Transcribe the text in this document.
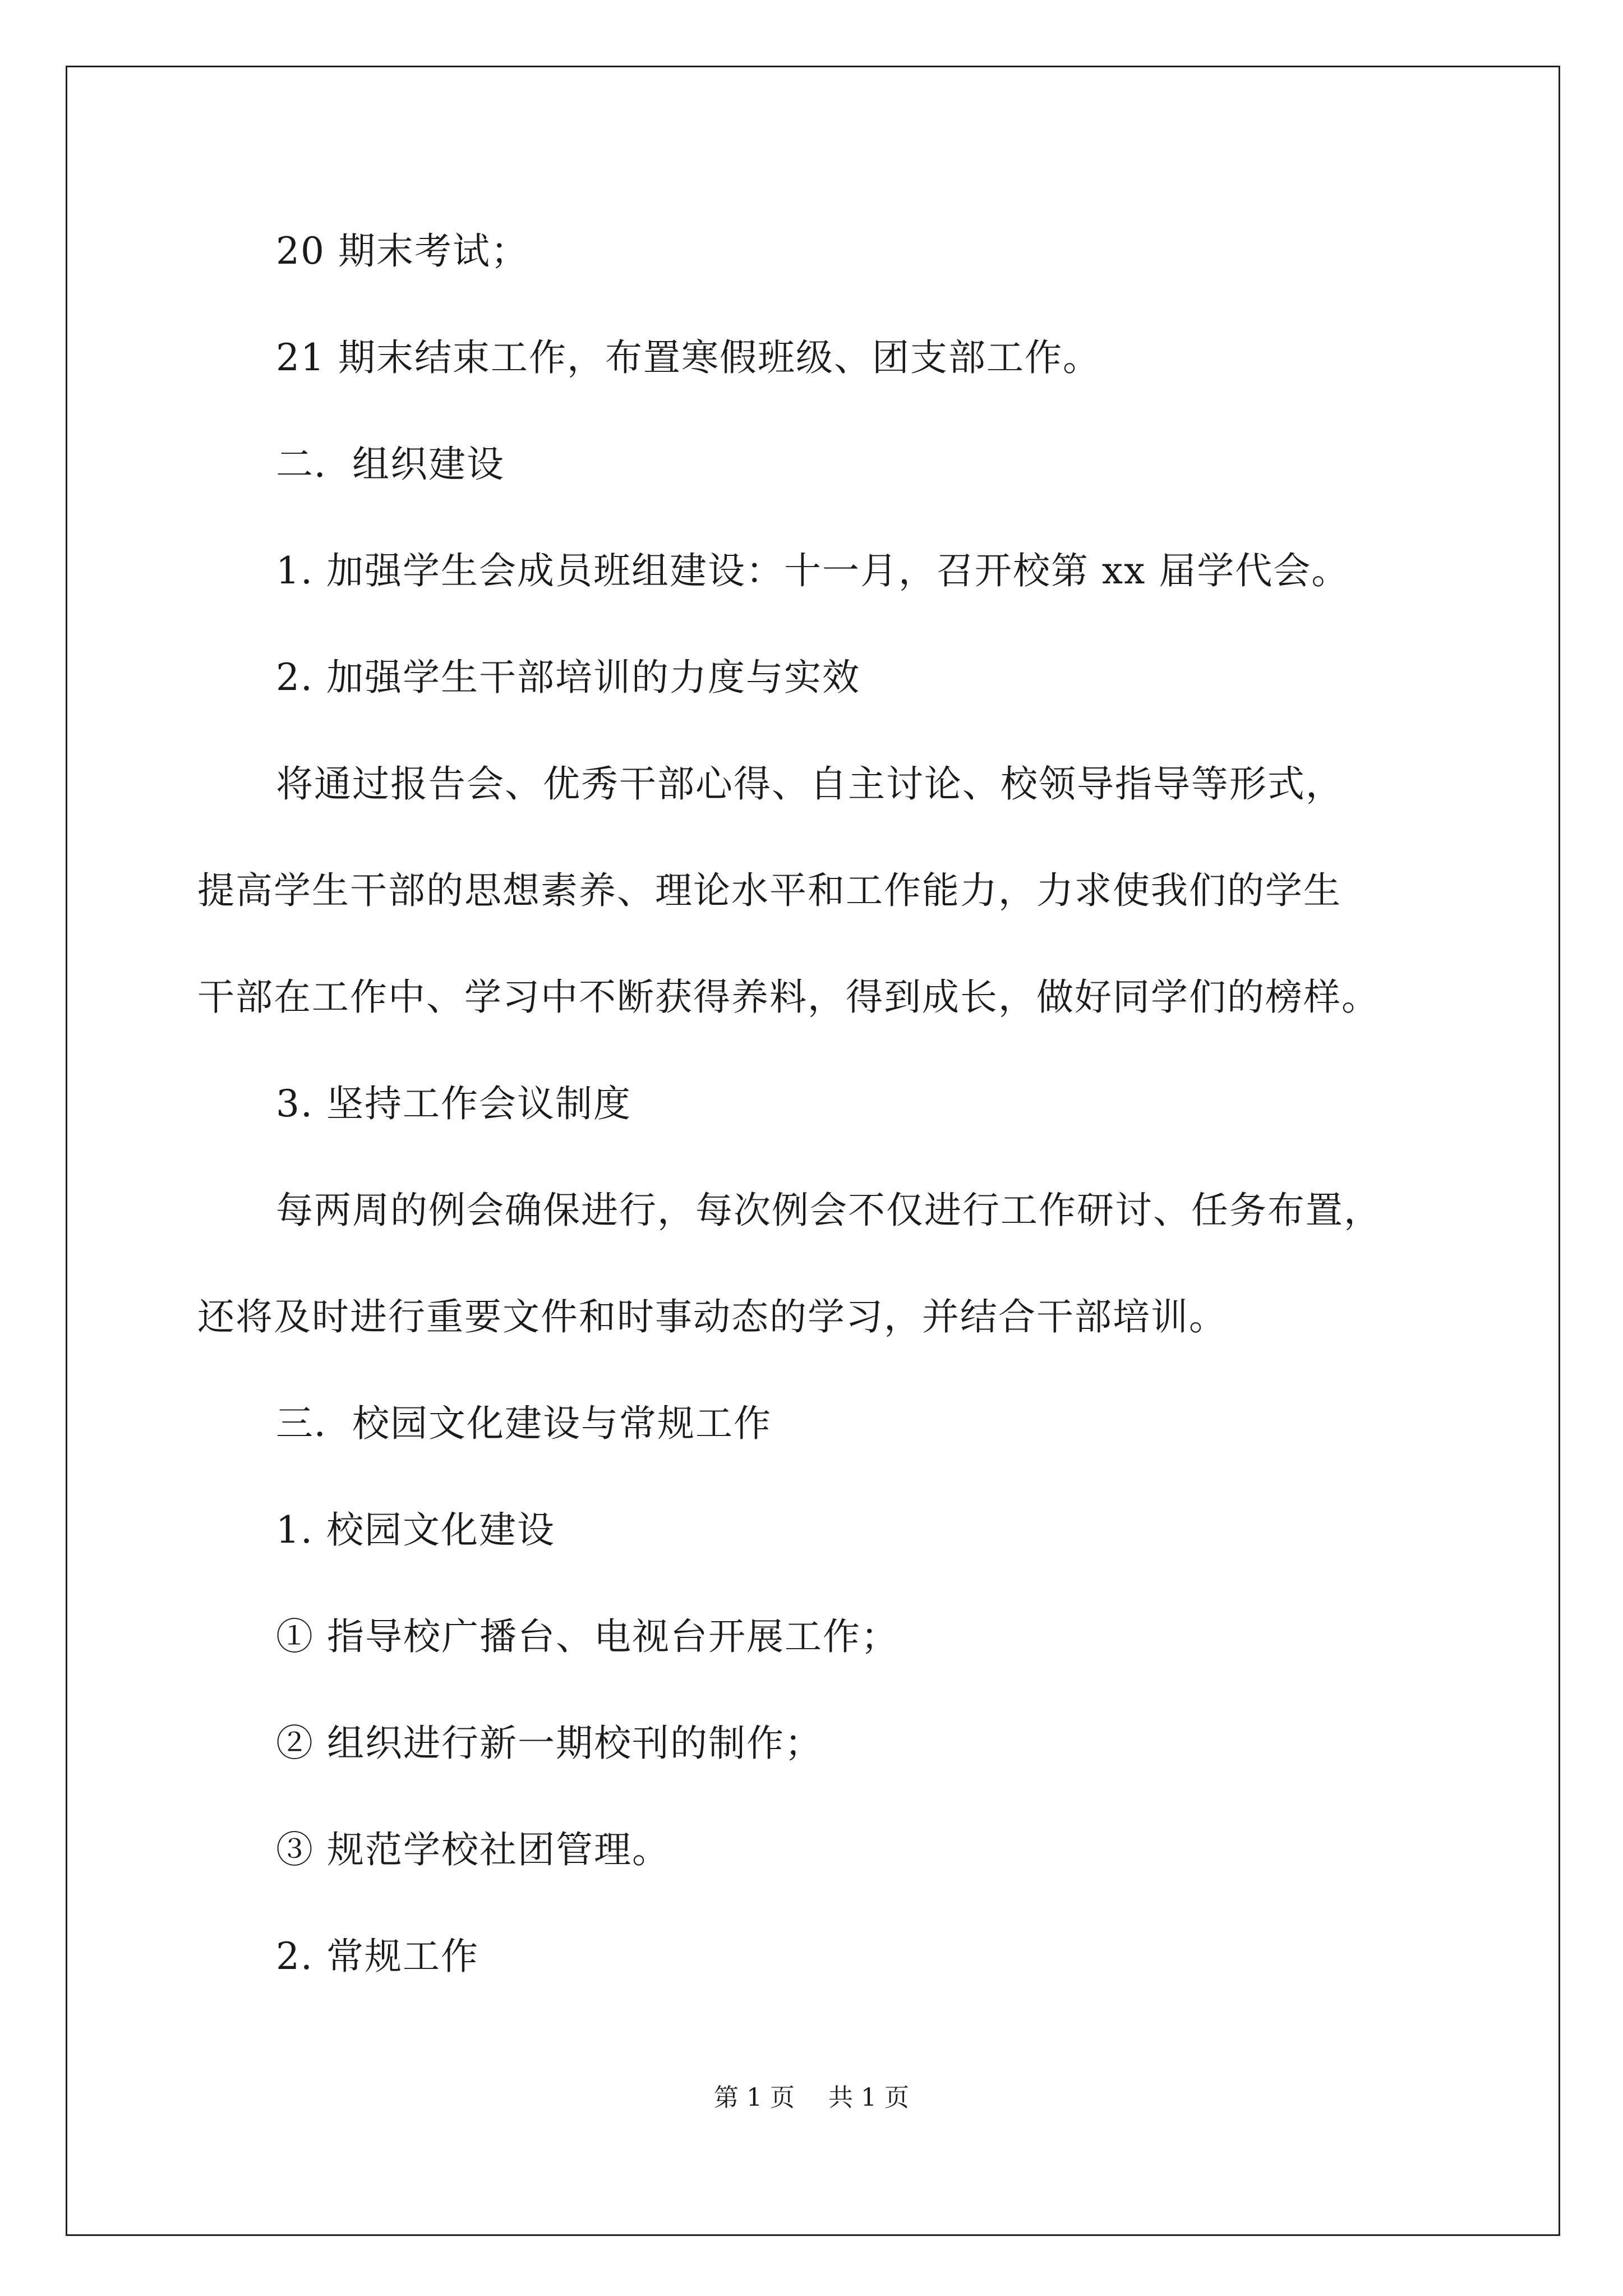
20 期末考试；
21 期末结束工作，布置寒假班级、团支部工作。
二．组织建设
1. 加强学生会成员班组建设：十一月，召开校第 xx 届学代会。
2. 加强学生干部培训的力度与实效
将通过报告会、优秀干部心得、自主讨论、校领导指导等形式，
提高学生干部的思想素养、理论水平和工作能力，力求使我们的学生
干部在工作中、学习中不断获得养料，得到成长，做好同学们的榜样。
3. 坚持工作会议制度
每两周的例会确保进行，每次例会不仅进行工作研讨、任务布置，
还将及时进行重要文件和时事动态的学习，并结合干部培训。
三．校园文化建设与常规工作
1. 校园文化建设
① 指导校广播台、电视台开展工作；
② 组织进行新一期校刊的制作；
③ 规范学校社团管理。
2. 常规工作
第 1 页 共 1 页
